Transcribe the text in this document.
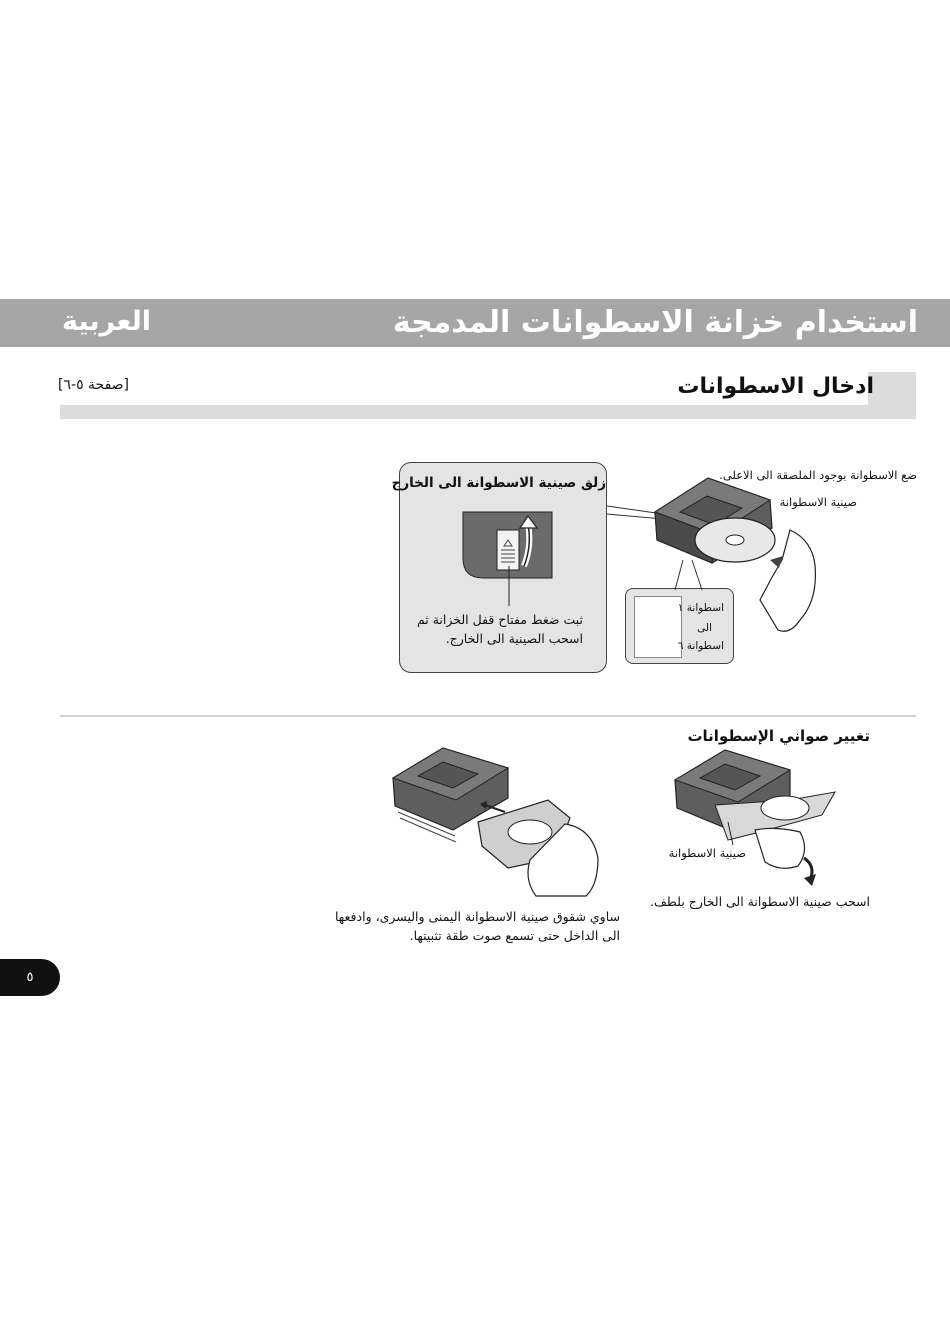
استخدام خزانة الاسطوانات المدمجة
العربية
ادخال الاسطوانات
[صفحة ٥-٦]
زلق صينية الاسطوانة الى الخارج	ضع الاسطوانة بوجود الملصقة الى الاعلى.
صينية الاسطوانة
اسطوانة ١
الى
اسطوانة ٦
ثبت ضغط مفتاح قفل الخزانة ثم
اسحب الصينية الى الخارج.
تغيير صواني الإسطوانات
صينية الاسطوانة
اسحب صينية الاسطوانة الى الخارج بلطف.
ساوي شقوق صينية الاسطوانة اليمنى واليسرى، وادفعها
الى الداخل حتى تسمع صوت طقة تثبيتها.
٥
